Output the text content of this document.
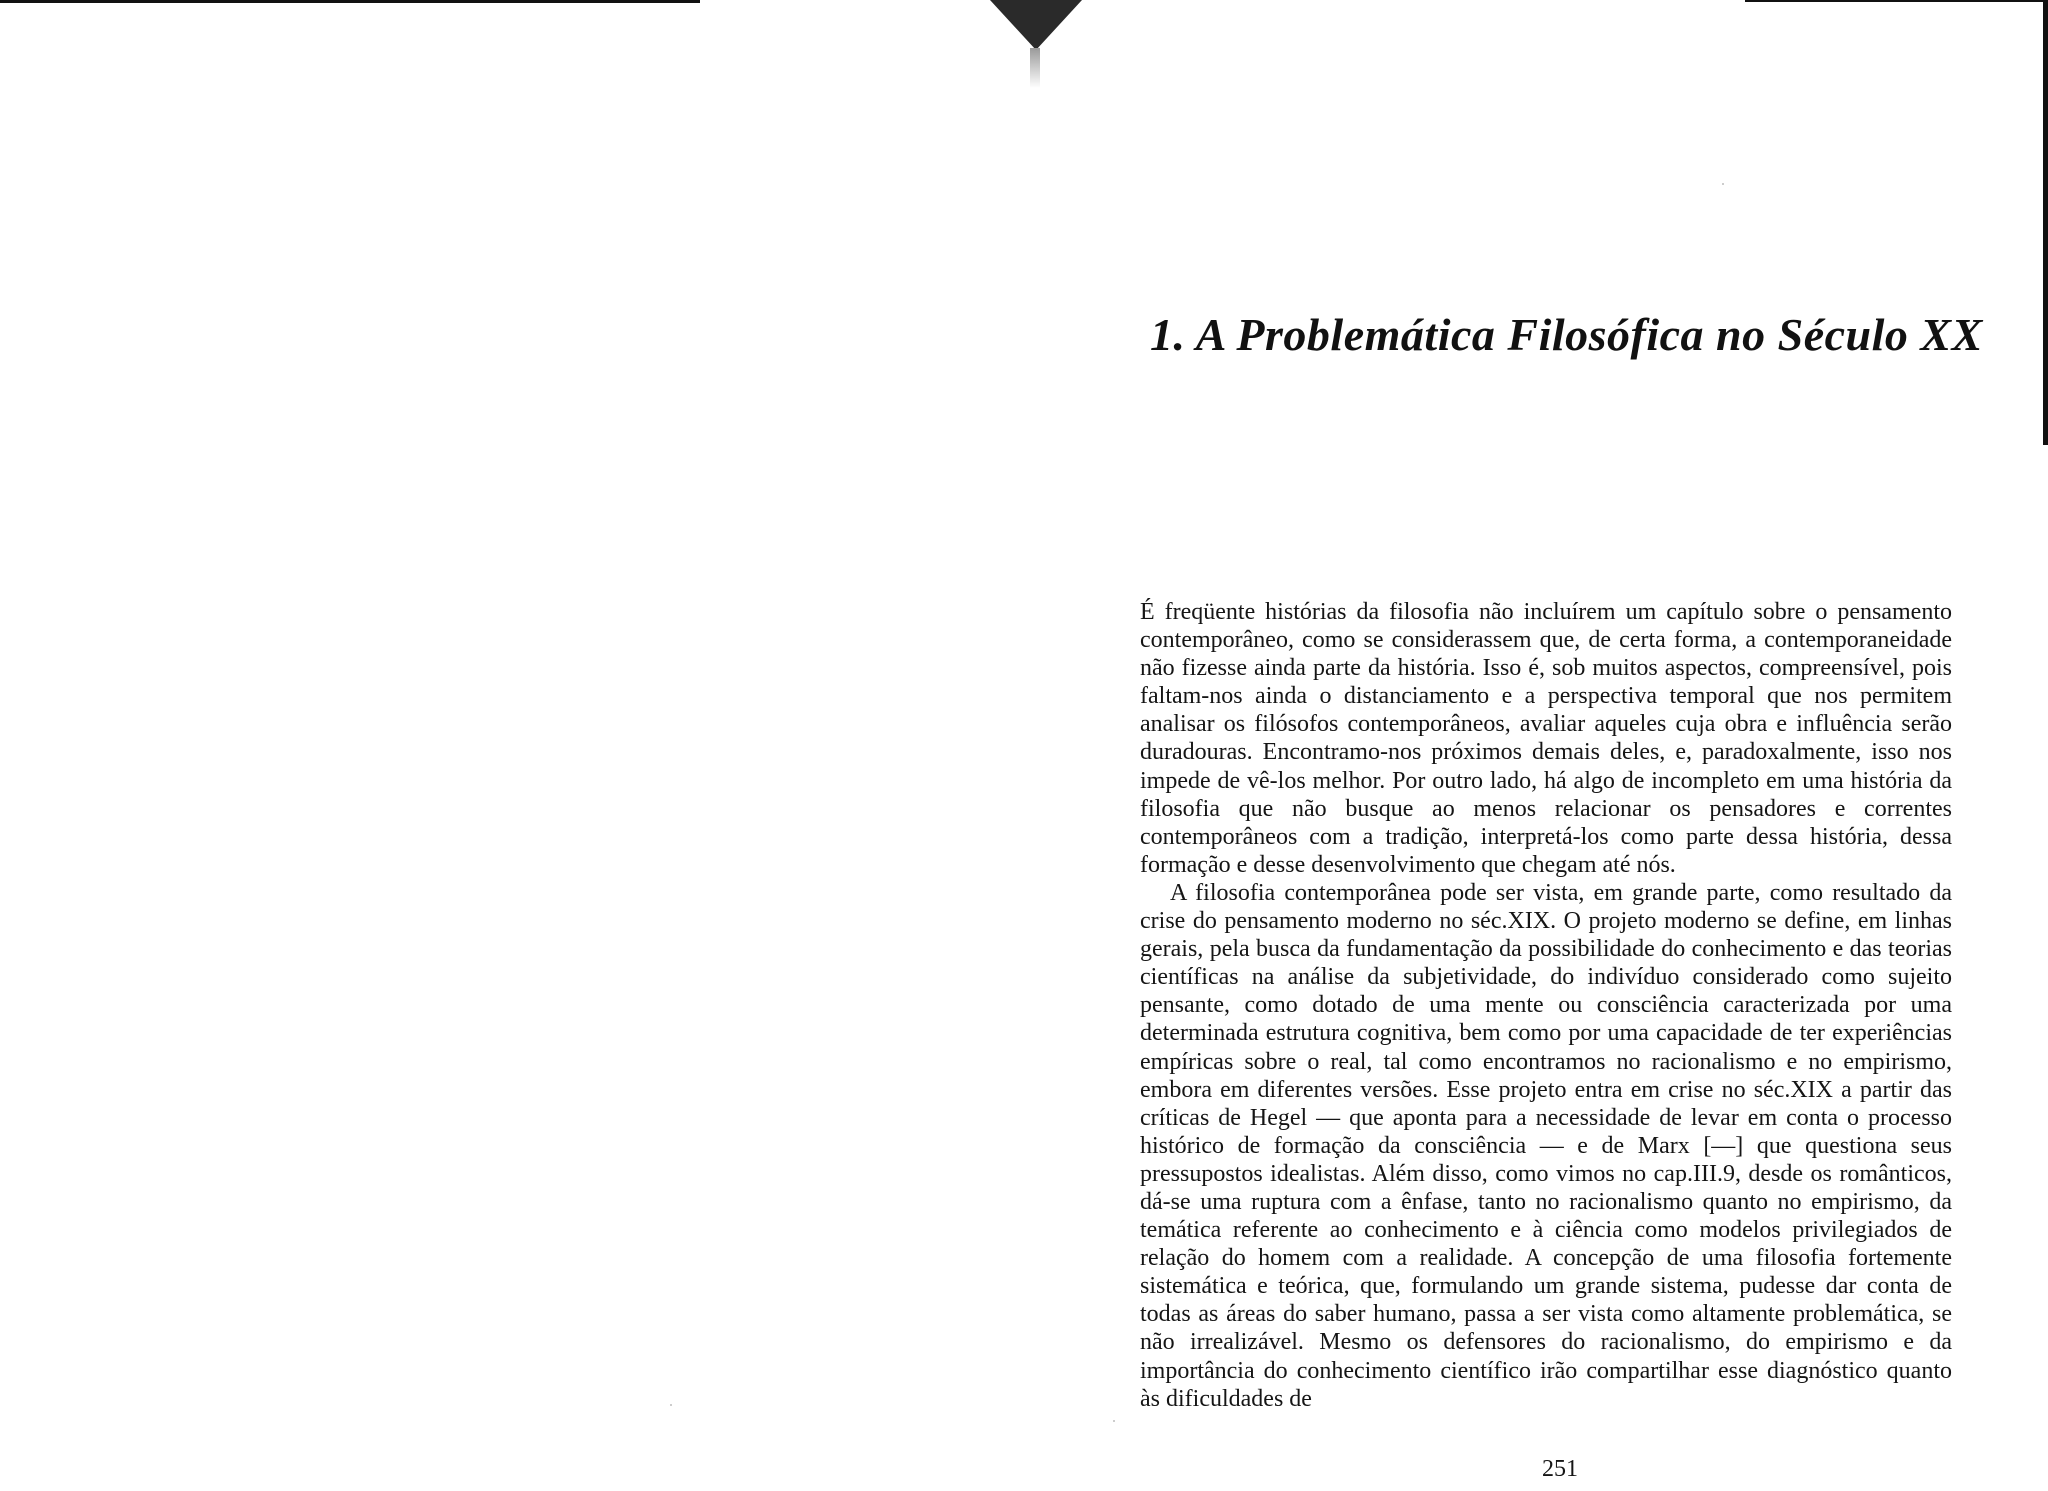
1. A Problemática Filosófica no Século XX

É freqüente histórias da filosofia não incluírem um capítulo sobre o pensamento contemporâneo, como se considerassem que, de certa forma, a contemporaneidade não fizesse ainda parte da história. Isso é, sob muitos aspectos, compreensível, pois faltam-nos ainda o distanciamento e a perspectiva temporal que nos permitem analisar os filósofos contemporâneos, avaliar aqueles cuja obra e influência serão duradouras. Encontramo-nos próximos demais deles, e, paradoxalmente, isso nos impede de vê-los melhor. Por outro lado, há algo de incompleto em uma história da filosofia que não busque ao menos relacionar os pensadores e correntes contemporâneos com a tradição, interpretá-los como parte dessa história, dessa formação e desse desenvolvimento que chegam até nós.

A filosofia contemporânea pode ser vista, em grande parte, como resultado da crise do pensamento moderno no séc.XIX. O projeto moderno se define, em linhas gerais, pela busca da fundamentação da possibilidade do conhecimento e das teorias científicas na análise da subjetividade, do indivíduo considerado como sujeito pensante, como dotado de uma mente ou consciência caracterizada por uma determinada estrutura cognitiva, bem como por uma capacidade de ter experiências empíricas sobre o real, tal como encontramos no racionalismo e no empirismo, embora em diferentes versões. Esse projeto entra em crise no séc.XIX a partir das críticas de Hegel — que aponta para a necessidade de levar em conta o processo histórico de formação da consciência — e de Marx [—] que questiona seus pressupostos idealistas. Além disso, como vimos no cap.III.9, desde os românticos, dá-se uma ruptura com a ênfase, tanto no racionalismo quanto no empirismo, da temática referente ao conhecimento e à ciência como modelos privilegiados de relação do homem com a realidade. A concepção de uma filosofia fortemente sistemática e teórica, que, formulando um grande sistema, pudesse dar conta de todas as áreas do saber humano, passa a ser vista como altamente problemática, se não irrealizável. Mesmo os defensores do racionalismo, do empirismo e da importância do conhecimento científico irão compartilhar esse diagnóstico quanto às dificuldades de

251
